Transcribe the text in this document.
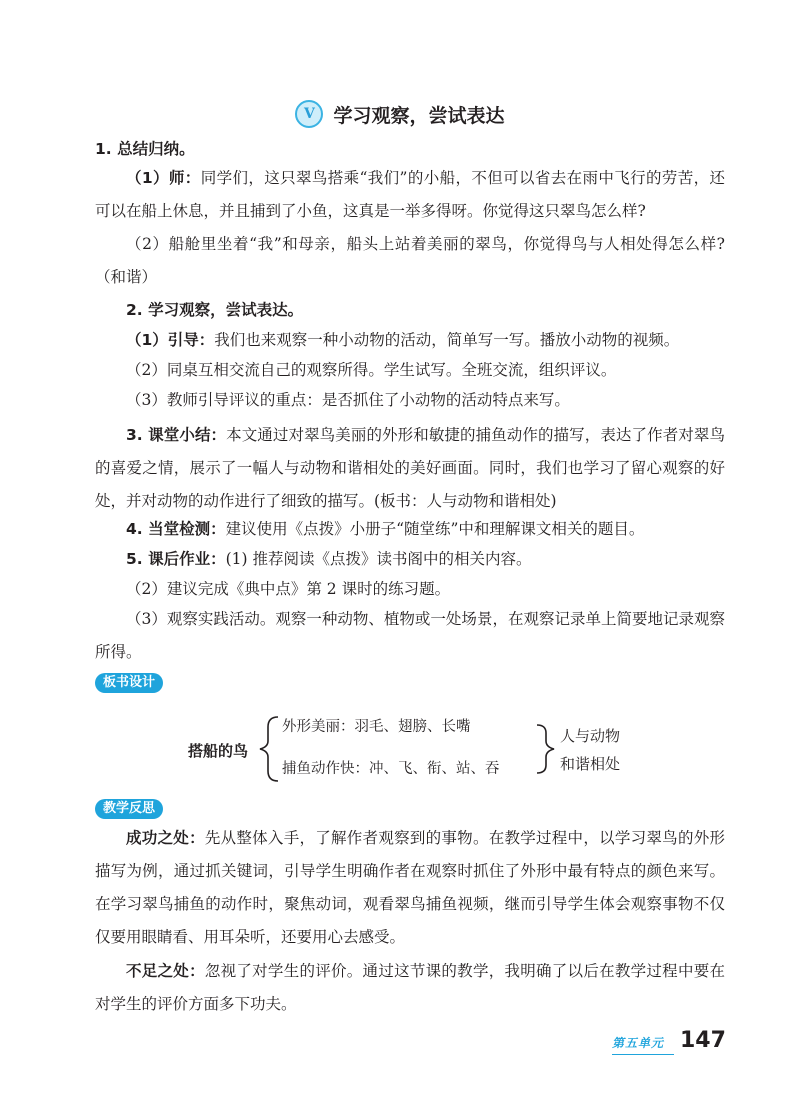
V 学习观察，尝试表达
1. 总结归纳。
（1）师：同学们，这只翠鸟搭乘“我们”的小船，不但可以省去在雨中飞行的劳苦，还可以在船上休息，并且捕到了小鱼，这真是一举多得呀。你觉得这只翠鸟怎么样?
（2）船舱里坐着“我”和母亲，船头上站着美丽的翠鸟，你觉得鸟与人相处得怎么样?（和谐）
2. 学习观察，尝试表达。
（1）引导：我们也来观察一种小动物的活动，简单写一写。播放小动物的视频。
（2）同桌互相交流自己的观察所得。学生试写。全班交流，组织评议。
（3）教师引导评议的重点：是否抓住了小动物的活动特点来写。
3. 课堂小结：本文通过对翠鸟美丽的外形和敏捷的捕鱼动作的描写，表达了作者对翠鸟的喜爱之情，展示了一幅人与动物和谐相处的美好画面。同时，我们也学习了留心观察的好处，并对动物的动作进行了细致的描写。(板书：人与动物和谐相处)
4. 当堂检测：建议使用《点拨》小册子“随堂练”中和理解课文相关的题目。
5. 课后作业：(1) 推荐阅读《点拨》读书阁中的相关内容。
（2）建议完成《典中点》第 2 课时的练习题。
（3）观察实践活动。观察一种动物、植物或一处场景，在观察记录单上简要地记录观察所得。
板书设计
搭船的鸟
外形美丽：羽毛、翅膀、长嘴
捕鱼动作快：冲、飞、衔、站、吞
人与动物
和谐相处
教学反思
成功之处：先从整体入手，了解作者观察到的事物。在教学过程中，以学习翠鸟的外形描写为例，通过抓关键词，引导学生明确作者在观察时抓住了外形中最有特点的颜色来写。在学习翠鸟捕鱼的动作时，聚焦动词，观看翠鸟捕鱼视频，继而引导学生体会观察事物不仅仅要用眼睛看、用耳朵听，还要用心去感受。
不足之处：忽视了对学生的评价。通过这节课的教学，我明确了以后在教学过程中要在对学生的评价方面多下功夫。
第五单元 147
